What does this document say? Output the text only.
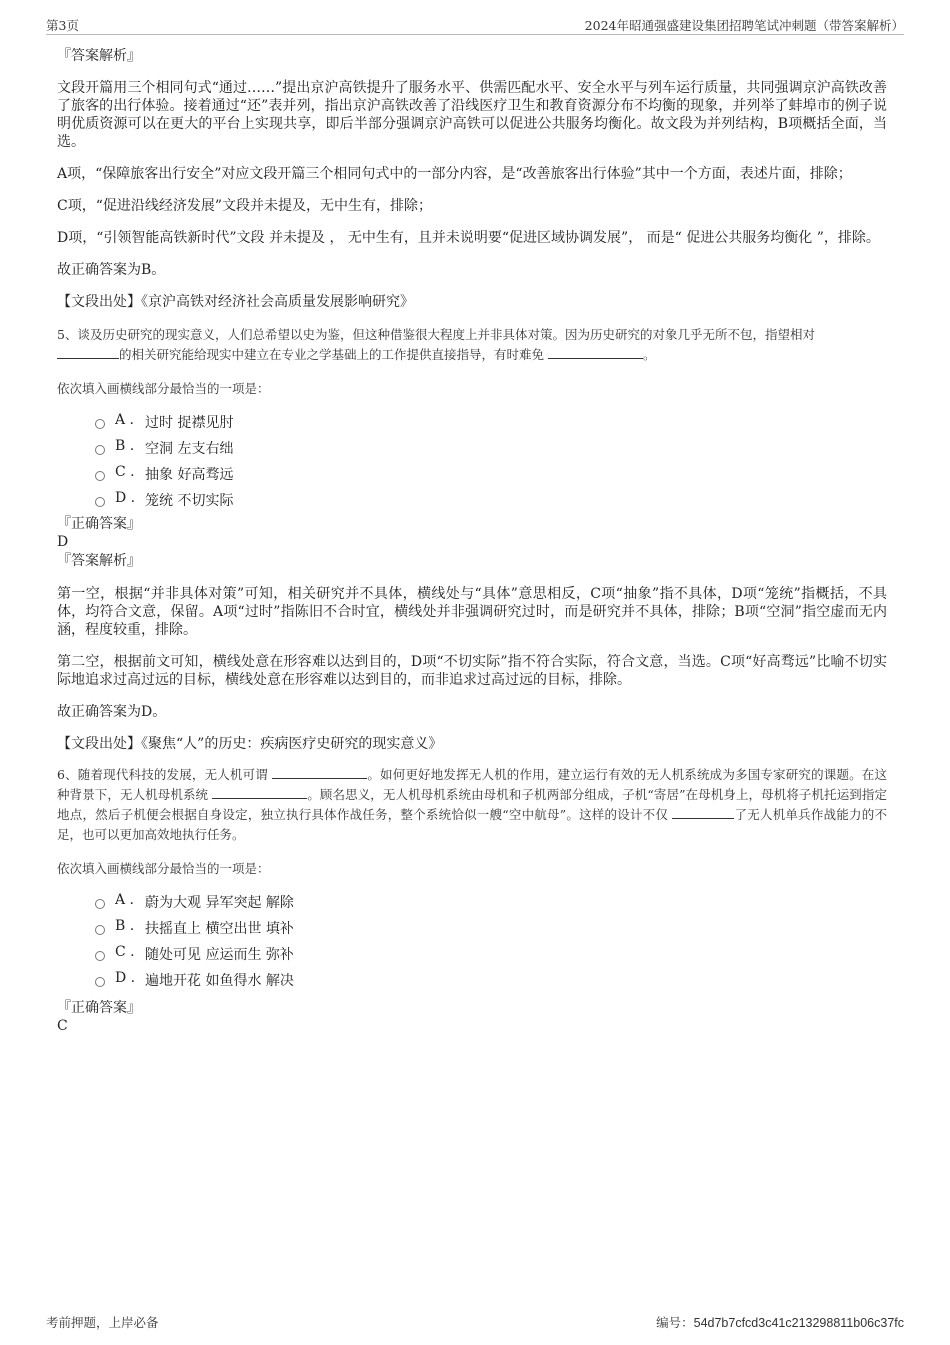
第3页	2024年昭通强盛建设集团招聘笔试冲刺题（带答案解析）
『答案解析』

文段开篇用三个相同句式“通过……”提出京沪高铁提升了服务水平、供需匹配水平、安全水平与列车运行质量，共同强调京沪高铁改善了旅客的出行体验。接着通过“还”表并列，指出京沪高铁改善了沿线医疗卫生和教育资源分布不均衡的现象，并列举了蚌埠市的例子说明优质资源可以在更大的平台上实现共享，即后半部分强调京沪高铁可以促进公共服务均衡化。故文段为并列结构，B项概括全面，当选。

A项，“保障旅客出行安全”对应文段开篇三个相同句式中的一部分内容，是“改善旅客出行体验”其中一个方面，表述片面，排除；

C项，“促进沿线经济发展”文段并未提及，无中生有，排除；

D项，“引领智能高铁新时代”文段 并未提及 ， 无中生有，且并未说明要“促进区域协调发展”， 而是“ 促进公共服务均衡化 ”，排除。

故正确答案为B。

【文段出处】《京沪高铁对经济社会高质量发展影响研究》

5、谈及历史研究的现实意义，人们总希望以史为鉴，但这种借鉴很大程度上并非具体对策。因为历史研究的对象几乎无所不包，指望相对
的相关研究能给现实中建立在专业之学基础上的工作提供直接指导，有时难免	。

依次填入画横线部分最恰当的一项是：

A . 过时 捉襟见肘
B . 空洞 左支右绌
C . 抽象 好高骛远
D . 笼统 不切实际
『正确答案』

D

『答案解析』

第一空，根据“并非具体对策”可知，相关研究并不具体，横线处与“具体”意思相反，C项“抽象”指不具体，D项“笼统”指概括，不具体，均符合文意，保留。A项“过时”指陈旧不合时宜，横线处并非强调研究过时，而是研究并不具体，排除；B项“空洞”指空虚而无内涵，程度较重，排除。

第二空，根据前文可知，横线处意在形容难以达到目的，D项“不切实际”指不符合实际，符合文意，当选。C项“好高骛远”比喻不切实际地追求过高过远的目标，横线处意在形容难以达到目的，而非追求过高过远的目标，排除。

故正确答案为D。

【文段出处】《聚焦“人”的历史：疾病医疗史研究的现实意义》

6、随着现代科技的发展，无人机可谓	。如何更好地发挥无人机的作用，建立运行有效的无人机系统成为多国专家研究的课题。在这种背景下，无人机母机系统	。顾名思义，无人机母机系统由母机和子机两部分组成，子机“寄居”在母机身上，母机将子机托运到指定地点，然后子机便会根据自身设定，独立执行具体作战任务，整个系统恰似一艘“空中航母”。这样的设计不仅	了无人机单兵作战能力的不足，也可以更加高效地执行任务。

依次填入画横线部分最恰当的一项是：

A . 蔚为大观 异军突起 解除
B . 扶摇直上 横空出世 填补
C . 随处可见 应运而生 弥补
D . 遍地开花 如鱼得水 解决
『正确答案』

C

考前押题，上岸必备	编号：54d7b7cfcd3c41c213298811b06c37fc
